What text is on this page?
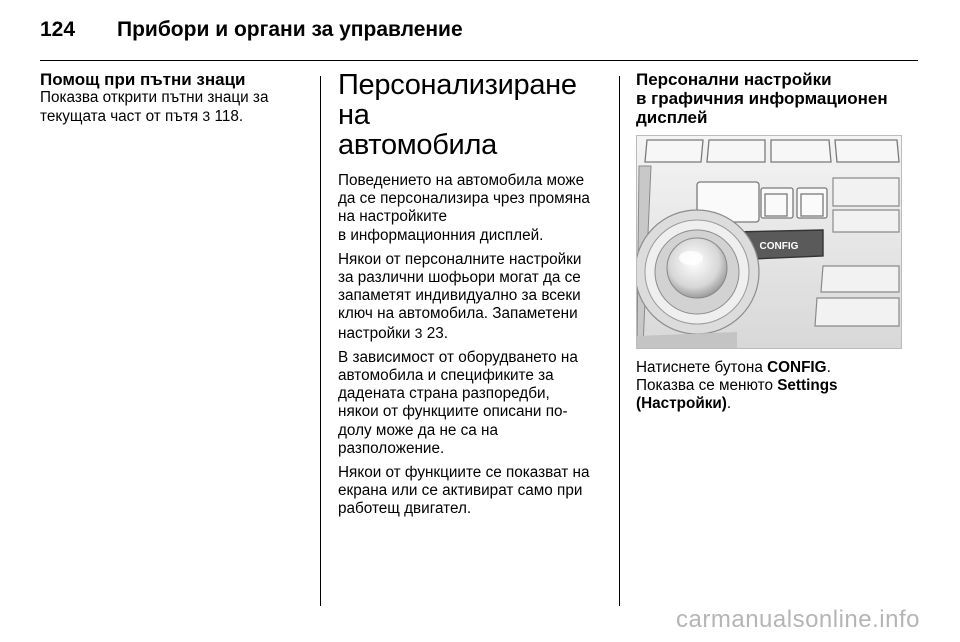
124 Прибори и органи за управление
Помощ при пътни знаци

Показва открити пътни знаци за
текущата част от пътя 3 118.

Персонализиране на
автомобила

Поведението на автомобила може
да се персонализира чрез промяна
на настройките
в информационния дисплей.

Някои от персоналните настройки
за различни шофьори могат да се
запаметят индивидуално за всеки
ключ на автомобила. Запаметени
настройки 3 23.

В зависимост от оборудването на
автомобила и спецификите за
дадената страна разпоредби,
някои от функциите описани по-
долу може да не са на
разположение.

Някои от функциите се показват на
екрана или се активират само при
работещ двигател.

Персонални настройки
в графичния информационен
дисплей
CONFIG

Натиснете бутона CONFIG.
Показва се менюто Settings
(Настройки).

carmanualsonline.info
